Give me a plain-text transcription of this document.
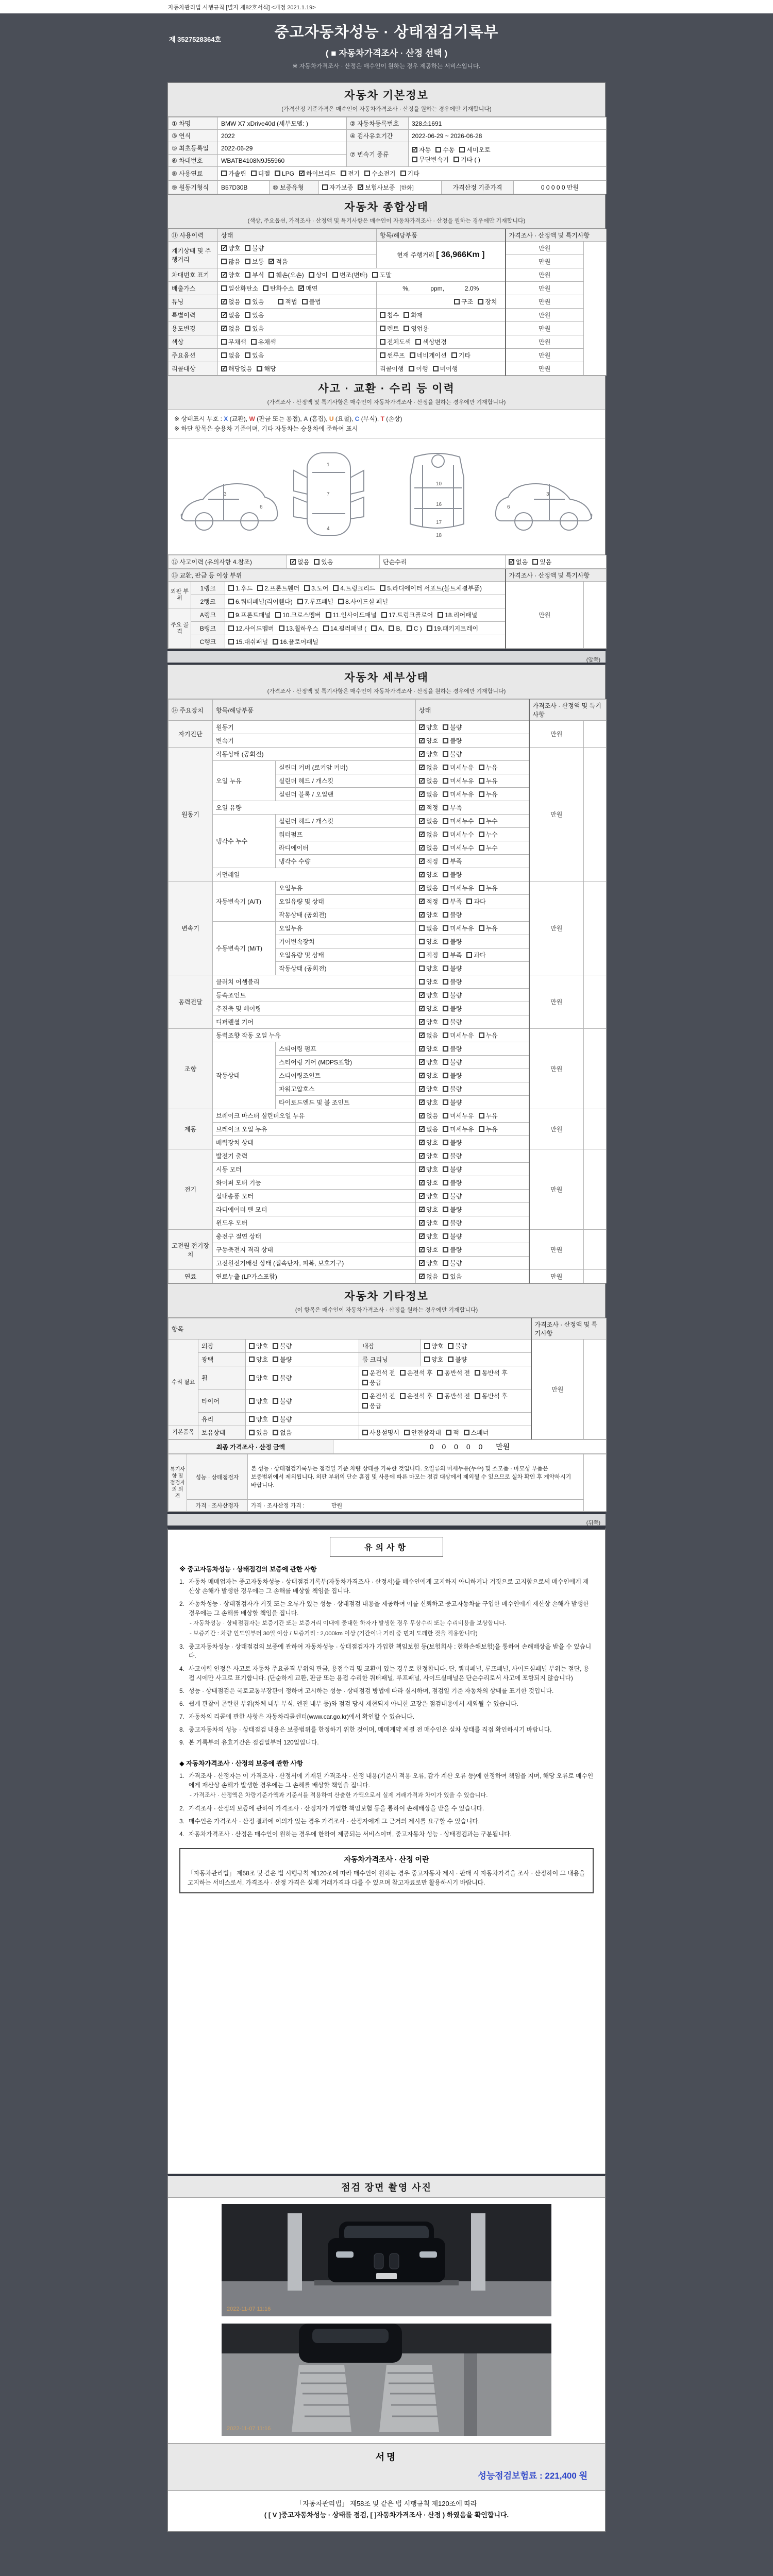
자동차관리법 시행규칙 [별지 제82호서식] <개정 2021.1.19>
중고자동차성능 · 상태점검기록부
( ■ 자동차가격조사 · 산정 선택 )
※ 자동차가격조사 · 산정은 매수인이 원하는 경우 제공하는 서비스입니다.
제 3527528364호
자동차 기본정보

(가격산정 기준가격은 매수인이 자동차가격조사 · 산정을 원하는 경우에만 기재합니다)

① 차명	BMW X7 xDrive40d (세부모델: )	② 자동차등록번호	328소1691
③ 연식	2022	④ 검사유효기간	2022-06-29 ~ 2026-06-28
⑤ 최초등록일	2022-06-29	⑦ 변속기 종류	
✓자동 수동 세미오토
무단변속기 기타 ( )

⑥ 차대번호	WBATB4108N9J55960		
⑧ 사용연료	가솔린 디젤 LPG ✓ 하이브리드 전기 수소전기 기타
⑨ 원동기형식	B57D30B	⑩ 보증유형	자가보증 ✓ 보험사보증 [한화]	가격산정 기준가격	0 0 0 0 0 만원
자동차 종합상태

(색상, 주요옵션, 가격조사 · 산정액 및 특기사항은 매수인이 자동차가격조사 · 산정을 원하는 경우에만 기재합니다)

⑪ 사용이력	상태	항목/해당부품	가격조사 · 산정액 및 특기사항	
계기상태 및 주행거리	✓양호 불량	현재 주행거리 [ 36,966Km ]	만원	
	많음 보통 ✓ 적음		만원	
차대번호 표기	✓양호 부식 훼손(오손) 상이 변조(변타) 도말		만원	
배출가스	일산화탄소 탄화수소 ✓ 매연	%,            ppm,            2.0%	만원	
튜닝	✓없음 있음 적법 불법	구조 장치	만원	
특별이력	✓없음 있음	침수 화재	만원	
용도변경	✓없음 있음	렌트 영업용	만원	
색상	무채색 유채색	전체도색 색상변경	만원	
주요옵션	없음 있음	썬루프 네비게이션 기타	만원	
리콜대상	✓해당없음 해당	리콜이행 이행 미이행	만원	
사고 · 교환 · 수리 등 이력

(가격조사 · 산정액 및 특기사항은 매수인이 자동차가격조사 · 산정을 원하는 경우에만 기재합니다)

※ 상태표시 부호 : X (교환), W (판금 또는 용접), A (흠집), U (요철), C (부식), T (손상)
※ 하단 항목은 승용차 기준이며, 기타 자동차는 승용차에 준하여 표시
3
6
1
7
4
10
16
17
18
3
6
⑫ 사고이력 (유의사항 4.참조)	✓없음 있음	단순수리	✓없음 있음
⑬ 교환, 판금 등 이상 부위			가격조사 · 산정액 및 특기사항	
외판 부위	1랭크	1.후드 2.프론트휀더 3.도어 4.트렁크리드 5.라디에이터 서포트(볼트체결부품)	만원	
	2랭크	6.쿼터패널(리어휀다) 7.루프패널 8.사이드실 패널		
주요 골격	A랭크	9.프론트패널 10.크로스멤버 11.인사이드패널 17.트렁크플로어 18.리어패널		
	B랭크	12.사이드멤버 13.휠하우스 14.필러패널 ( A, B, C ) 19.패키지트레이		
	C랭크	15.대쉬패널 16.플로어패널		
(앞쪽)
자동차 세부상태

(가격조사 · 산정액 및 특기사항은 매수인이 자동차가격조사 · 산정을 원하는 경우에만 기재합니다)

⑭ 주요장치	항목/해당부품		상태	가격조사 · 산정액 및 특기사항	
자기진단	원동기	✓양호 불량	만원	
	변속기	✓양호 불량
원동기	작동상태 (공회전)	✓양호 불량	만원	
	오일 누유	실린더 커버 (로커암 커버)	✓없음 미세누유 누유
		실린더 헤드 / 개스킷	✓없음 미세누유 누유
		실린더 블록 / 오일팬	✓없음 미세누유 누유
	오일 유량	✓적정 부족
	냉각수 누수	실린더 헤드 / 개스킷	✓없음 미세누수 누수
		워터펌프	✓없음 미세누수 누수
		라디에이터	✓없음 미세누수 누수
		냉각수 수량	✓적정 부족
	커먼레일	✓양호 불량
변속기	자동변속기 (A/T)	오일누유	✓없음 미세누유 누유	만원	
		오일유량 및 상태	✓적정 부족 과다
		작동상태 (공회전)	✓양호 불량
	수동변속기 (M/T)	오일누유	없음 미세누유 누유		
		기어변속장치	양호 불량		
		오일유량 및 상태	적정 부족 과다		
		작동상태 (공회전)	양호 불량		
동력전달	클러치 어셈블리		양호 불량	만원	
	등속조인트	✓양호 불량
	추진축 및 베어링	✓양호 불량
	디퍼렌셜 기어	✓양호 불량
조향	동력조향 작동 오일 누유	✓없음 미세누유 누유	만원	
	작동상태	스티어링 펌프	✓양호 불량
		스티어링 기어 (MDPS포함)	✓양호 불량
		스티어링조인트	✓양호 불량
		파워고압호스	✓양호 불량
		타이로드엔드 및 볼 조인트	✓양호 불량
제동	브레이크 마스터 실린더오일 누유	✓없음 미세누유 누유	만원	
	브레이크 오일 누유	✓없음 미세누유 누유
	배력장치 상태	✓양호 불량
전기	발전기 출력	✓양호 불량	만원	
	시동 모터	✓양호 불량
	와이퍼 모터 기능	✓양호 불량
	실내송풍 모터	✓양호 불량
	라디에이터 팬 모터	✓양호 불량
	윈도우 모터	✓양호 불량
고전원 전기장치	충전구 절연 상태	✓양호 불량	만원	
	구동축전지 격리 상태	✓양호 불량
	고전원전기배선 상태 (접속단자, 피복, 보호기구)	✓양호 불량
연료	연료누출 (LP가스포함)	✓없음 있음	만원	
자동차 기타정보

(이 항목은 매수인이 자동차가격조사 · 산정을 원하는 경우에만 기재합니다)

항목					가격조사 · 산정액 및 특기사항	
수리 필요	외장	양호 불량	내장	양호 불량	만원	
	광택	양호 불량	룸 크리닝	양호 불량		
	휠	양호 불량	운전석 전 운전석 후 동반석 전 동반석 후응급			
	타이어	양호 불량	운전석 전 운전석 후 동반석 전 동반석 후응급			
	유리	양호 불량				
기본품목	보유상태	있음 없음	사용설명서 안전삼각대 잭 스패너			
최종 가격조사 · 산정 금액	0 0 0 0 0 만원
특기사항 및 점검자의 의견	성능 · 상태점검자	본 성능 · 상태점검기록부는 점검일 기준 차량 상태를 기록한 것입니다. 오일류의 미세누유(누수) 및 소모품 · 마모성 부품은 보증범위에서 제외됩니다. 외판 부위의 단순 흠집 및 사용에 따른 마모는 점검 대상에서 제외될 수 있으므로 실차 확인 후 계약하시기 바랍니다.	
	가격 · 조사산정자	가격 · 조사산정 가격 :                 만원	
(뒤쪽)
유의사항
※ 중고자동차성능 · 상태점검의 보증에 관한 사항
1. 자동차 매매업자는 중고자동차성능 · 상태점검기록부(자동차가격조사 · 산정서)를 매수인에게 고지하지 아니하거나 거짓으로 고지함으로써 매수인에게 재산상 손해가 발생한 경우에는 그 손해를 배상할 책임을 집니다.
2. 자동차성능 · 상태점검자가 거짓 또는 오류가 있는 성능 · 상태점검 내용을 제공하여 이를 신뢰하고 중고자동차를 구입한 매수인에게 재산상 손해가 발생한 경우에는 그 손해를 배상할 책임을 집니다.
- 자동차성능 · 상태점검자는 보증기간 또는 보증거리 이내에 중대한 하자가 발생한 경우 무상수리 또는 수리비용을 보상합니다.
- 보증기간 : 차량 인도일부터 30일 이상 / 보증거리 : 2,000km 이상 (기간이나 거리 중 먼저 도래한 것을 적용합니다)
3. 중고자동차성능 · 상태점검의 보증에 관하여 자동차성능 · 상태점검자가 가입한 책임보험 등(보험회사 : 한화손해보험)을 통하여 손해배상을 받을 수 있습니다.
4. 사고이력 인정은 사고로 자동차 주요골격 부위의 판금, 용접수리 및 교환이 있는 경우로 한정합니다. 단, 쿼터패널, 루프패널, 사이드실패널 부위는 절단, 용접 시에만 사고로 표기합니다. (단순하게 교환, 판금 또는 용접 수리한 쿼터패널, 루프패널, 사이드실패널은 단순수리로서 사고에 포함되지 않습니다)
5. 성능 · 상태점검은 국토교통부장관이 정하여 고시하는 성능 · 상태점검 방법에 따라 실시하며, 점검일 기준 자동차의 상태를 표기한 것입니다.
6. 쉽게 관찰이 곤란한 부위(차체 내부 부식, 엔진 내부 등)와 점검 당시 재현되지 아니한 고장은 점검내용에서 제외될 수 있습니다.
7. 자동차의 리콜에 관한 사항은 자동차리콜센터(www.car.go.kr)에서 확인할 수 있습니다.
8. 중고자동차의 성능 · 상태점검 내용은 보증범위를 한정하기 위한 것이며, 매매계약 체결 전 매수인은 실차 상태를 직접 확인하시기 바랍니다.
9. 본 기록부의 유효기간은 점검일부터 120일입니다.
◆ 자동차가격조사 · 산정의 보증에 관한 사항
1. 가격조사 · 산정자는 이 가격조사 · 산정서에 기재된 가격조사 · 산정 내용(기준서 적용 오류, 감가 계산 오류 등)에 한정하여 책임을 지며, 해당 오류로 매수인에게 재산상 손해가 발생한 경우에는 그 손해를 배상할 책임을 집니다.
- 가격조사 · 산정액은 차량기준가액과 기준서를 적용하여 산출한 가액으로서 실제 거래가격과 차이가 있을 수 있습니다.
2. 가격조사 · 산정의 보증에 관하여 가격조사 · 산정자가 가입한 책임보험 등을 통하여 손해배상을 받을 수 있습니다.
3. 매수인은 가격조사 · 산정 결과에 이의가 있는 경우 가격조사 · 산정자에게 그 근거의 제시를 요구할 수 있습니다.
4. 자동차가격조사 · 산정은 매수인이 원하는 경우에 한하여 제공되는 서비스이며, 중고자동차 성능 · 상태점검과는 구분됩니다.
자동차가격조사 · 산정 이란
「자동차관리법」 제58조 및 같은 법 시행규칙 제120조에 따라 매수인이 원하는 경우 중고자동차 제시 · 판매 시 자동차가격을 조사 · 산정하여 그 내용을 고지하는 서비스로서, 가격조사 · 산정 가격은 실제 거래가격과 다를 수 있으며 참고자료로만 활용하시기 바랍니다.
점검 장면 촬영 사진
2022-11-07 11:16
2022-11-07 11:16
서명
성능점검보험료 : 221,400 원
「자동차관리법」 제58조 및 같은 법 시행규칙 제120조에 따라
( [ V ]중고자동차성능 · 상태를 점검, [ ]자동차가격조사 · 산정 ) 하였음을 확인합니다.
